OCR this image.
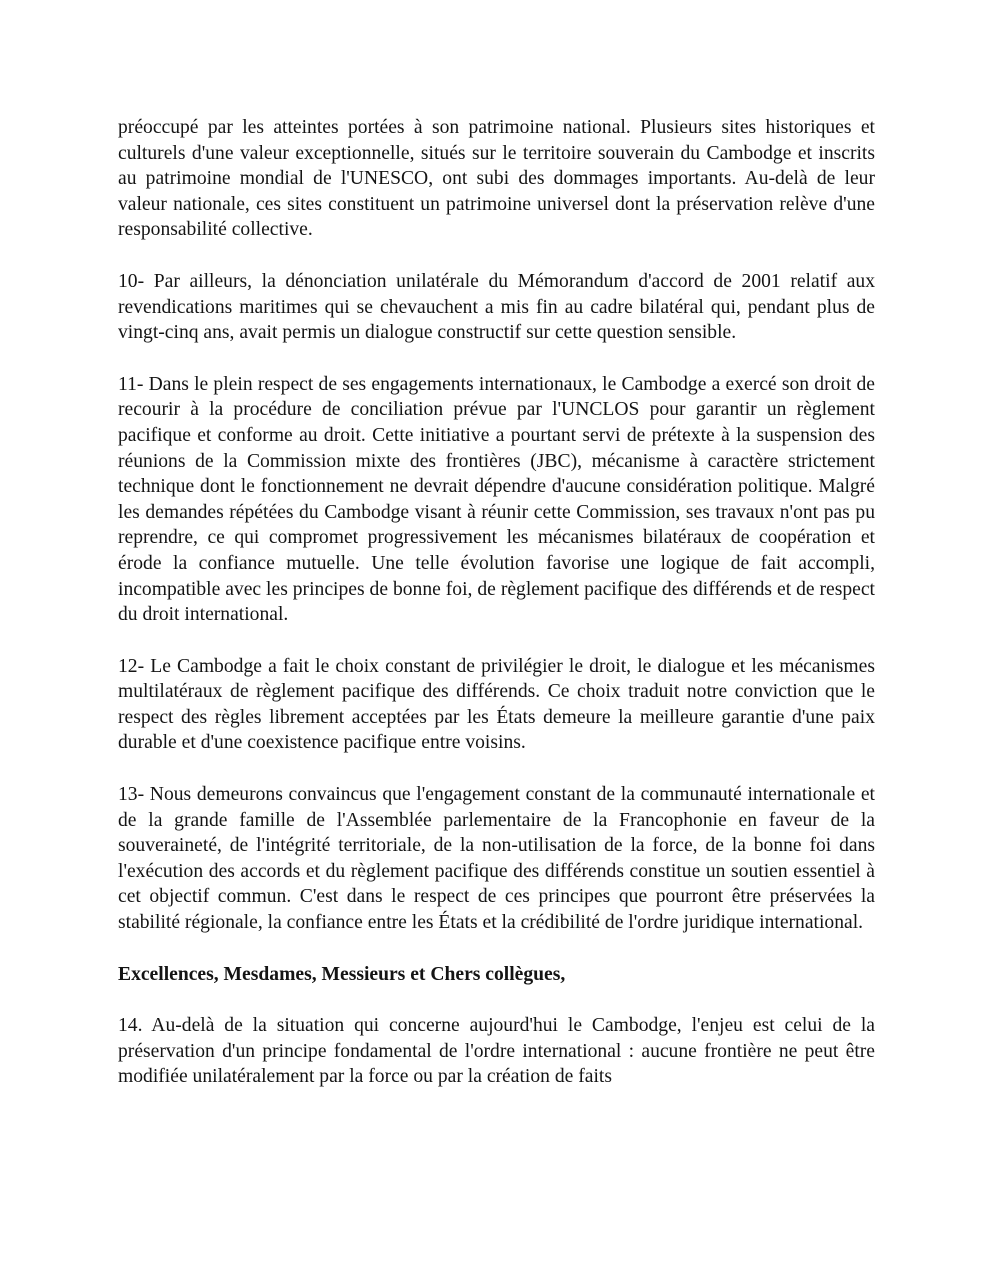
préoccupé par les atteintes portées à son patrimoine national. Plusieurs sites historiques et culturels d'une valeur exceptionnelle, situés sur le territoire souverain du Cambodge et inscrits au patrimoine mondial de l'UNESCO, ont subi des dommages importants. Au-delà de leur valeur nationale, ces sites constituent un patrimoine universel dont la préservation relève d'une responsabilité collective.

10- Par ailleurs, la dénonciation unilatérale du Mémorandum d'accord de 2001 relatif aux revendications maritimes qui se chevauchent a mis fin au cadre bilatéral qui, pendant plus de vingt-cinq ans, avait permis un dialogue constructif sur cette question sensible.

11- Dans le plein respect de ses engagements internationaux, le Cambodge a exercé son droit de recourir à la procédure de conciliation prévue par l'UNCLOS pour garantir un règlement pacifique et conforme au droit. Cette initiative a pourtant servi de prétexte à la suspension des réunions de la Commission mixte des frontières (JBC), mécanisme à caractère strictement technique dont le fonctionnement ne devrait dépendre d'aucune considération politique. Malgré les demandes répétées du Cambodge visant à réunir cette Commission, ses travaux n'ont pas pu reprendre, ce qui compromet progressivement les mécanismes bilatéraux de coopération et érode la confiance mutuelle. Une telle évolution favorise une logique de fait accompli, incompatible avec les principes de bonne foi, de règlement pacifique des différends et de respect du droit international.

12- Le Cambodge a fait le choix constant de privilégier le droit, le dialogue et les mécanismes multilatéraux de règlement pacifique des différends. Ce choix traduit notre conviction que le respect des règles librement acceptées par les États demeure la meilleure garantie d'une paix durable et d'une coexistence pacifique entre voisins.

13- Nous demeurons convaincus que l'engagement constant de la communauté internationale et de la grande famille de l'Assemblée parlementaire de la Francophonie en faveur de la souveraineté, de l'intégrité territoriale, de la non-utilisation de la force, de la bonne foi dans l'exécution des accords et du règlement pacifique des différends constitue un soutien essentiel à cet objectif commun. C'est dans le respect de ces principes que pourront être préservées la stabilité régionale, la confiance entre les États et la crédibilité de l'ordre juridique international.

Excellences, Mesdames, Messieurs et Chers collègues,

14. Au-delà de la situation qui concerne aujourd'hui le Cambodge, l'enjeu est celui de la préservation d'un principe fondamental de l'ordre international : aucune frontière ne peut être modifiée unilatéralement par la force ou par la création de faits
